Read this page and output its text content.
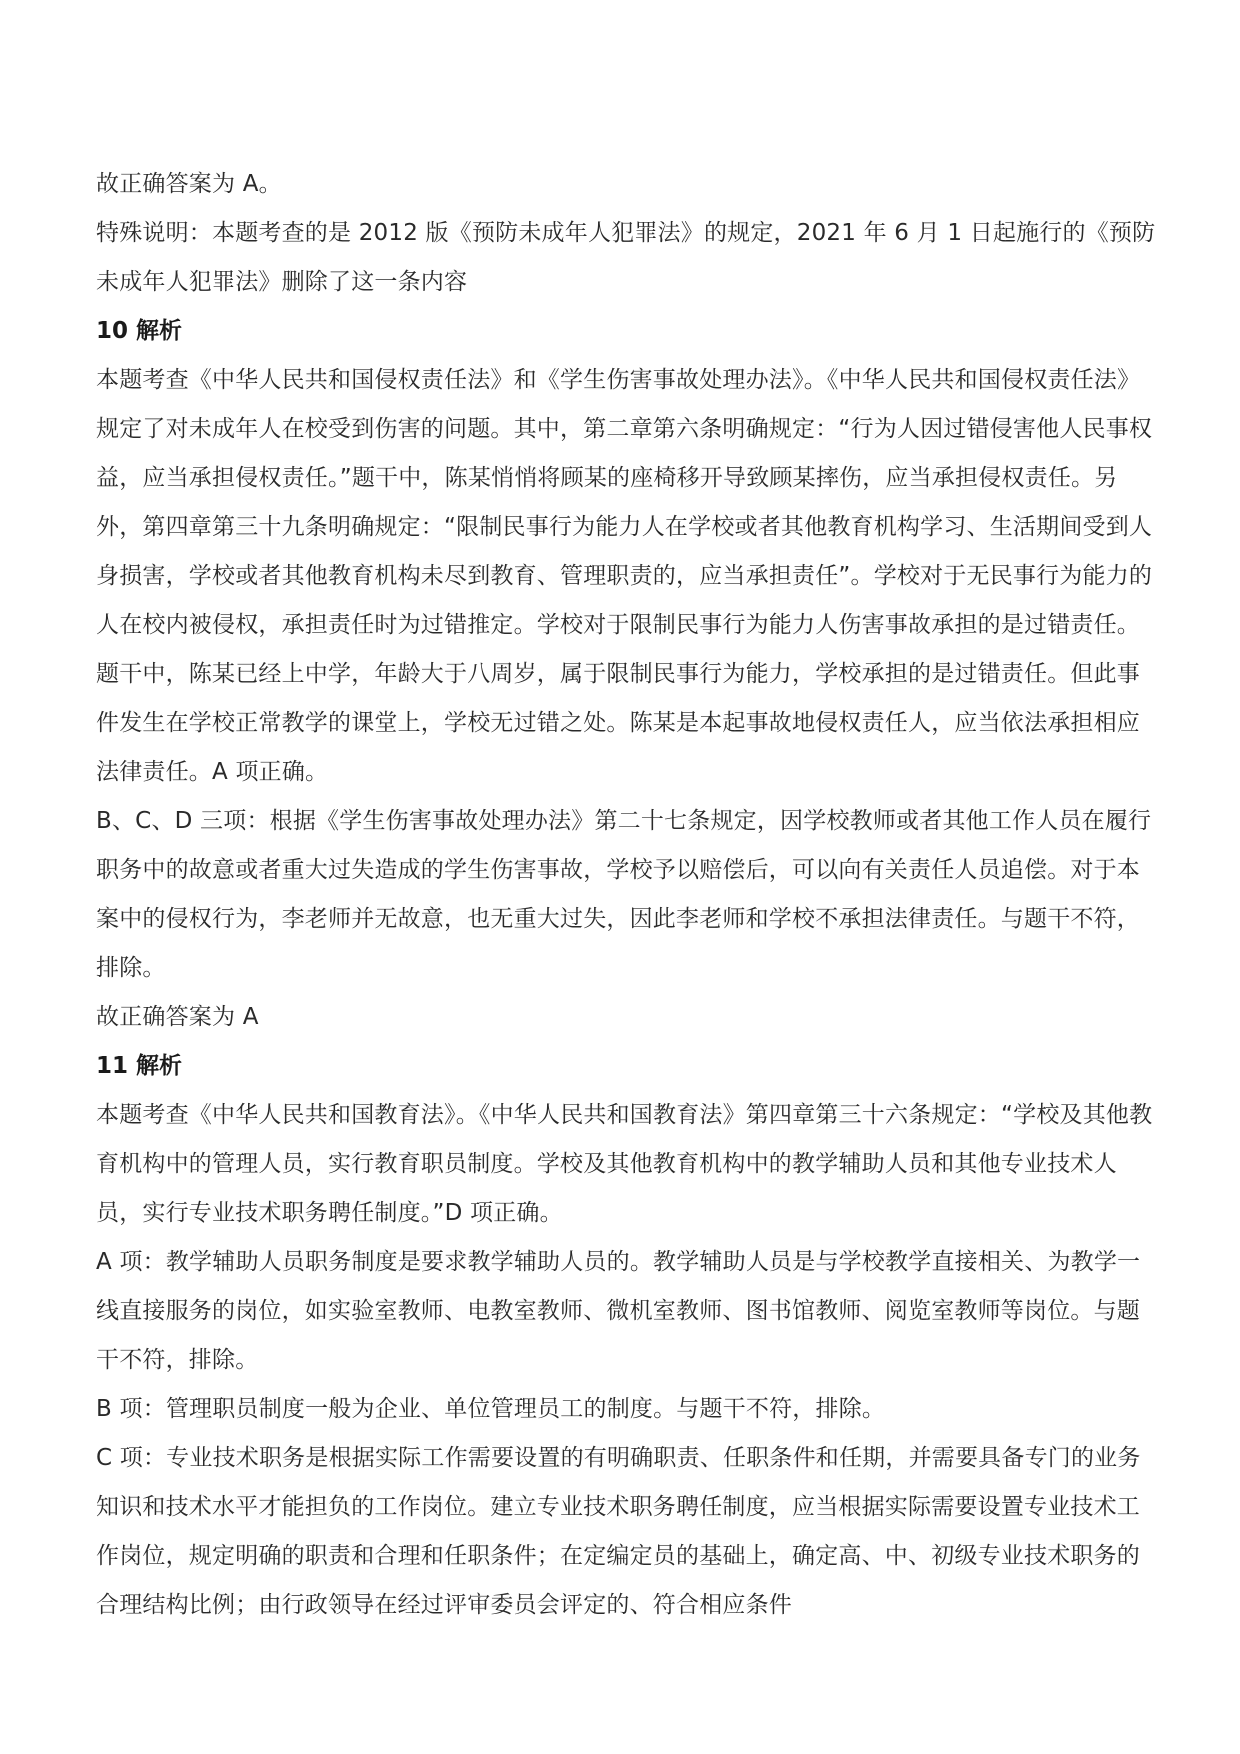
故正确答案为 A。

特殊说明：本题考查的是 2012 版《预防未成年人犯罪法》的规定，2021 年 6 月 1 日起施行的《预防未成年人犯罪法》删除了这一条内容

10 解析

本题考查《中华人民共和国侵权责任法》和《学生伤害事故处理办法》。《中华人民共和国侵权责任法》规定了对未成年人在校受到伤害的问题。其中，第二章第六条明确规定：“行为人因过错侵害他人民事权益，应当承担侵权责任。”题干中，陈某悄悄将顾某的座椅移开导致顾某摔伤，应当承担侵权责任。另外，第四章第三十九条明确规定：“限制民事行为能力人在学校或者其他教育机构学习、生活期间受到人身损害，学校或者其他教育机构未尽到教育、管理职责的，应当承担责任”。学校对于无民事行为能力的人在校内被侵权，承担责任时为过错推定。学校对于限制民事行为能力人伤害事故承担的是过错责任。题干中，陈某已经上中学，年龄大于八周岁，属于限制民事行为能力，学校承担的是过错责任。但此事件发生在学校正常教学的课堂上，学校无过错之处。陈某是本起事故地侵权责任人，应当依法承担相应法律责任。A 项正确。

B、C、D 三项：根据《学生伤害事故处理办法》第二十七条规定，因学校教师或者其他工作人员在履行职务中的故意或者重大过失造成的学生伤害事故，学校予以赔偿后，可以向有关责任人员追偿。对于本案中的侵权行为，李老师并无故意，也无重大过失，因此李老师和学校不承担法律责任。与题干不符，排除。

故正确答案为 A

11 解析

本题考查《中华人民共和国教育法》。《中华人民共和国教育法》第四章第三十六条规定：“学校及其他教育机构中的管理人员，实行教育职员制度。学校及其他教育机构中的教学辅助人员和其他专业技术人员，实行专业技术职务聘任制度。”D 项正确。

A 项：教学辅助人员职务制度是要求教学辅助人员的。教学辅助人员是与学校教学直接相关、为教学一线直接服务的岗位，如实验室教师、电教室教师、微机室教师、图书馆教师、阅览室教师等岗位。与题干不符，排除。

B 项：管理职员制度一般为企业、单位管理员工的制度。与题干不符，排除。

C 项：专业技术职务是根据实际工作需要设置的有明确职责、任职条件和任期，并需要具备专门的业务知识和技术水平才能担负的工作岗位。建立专业技术职务聘任制度，应当根据实际需要设置专业技术工作岗位，规定明确的职责和合理和任职条件；在定编定员的基础上，确定高、中、初级专业技术职务的合理结构比例；由行政领导在经过评审委员会评定的、符合相应条件
